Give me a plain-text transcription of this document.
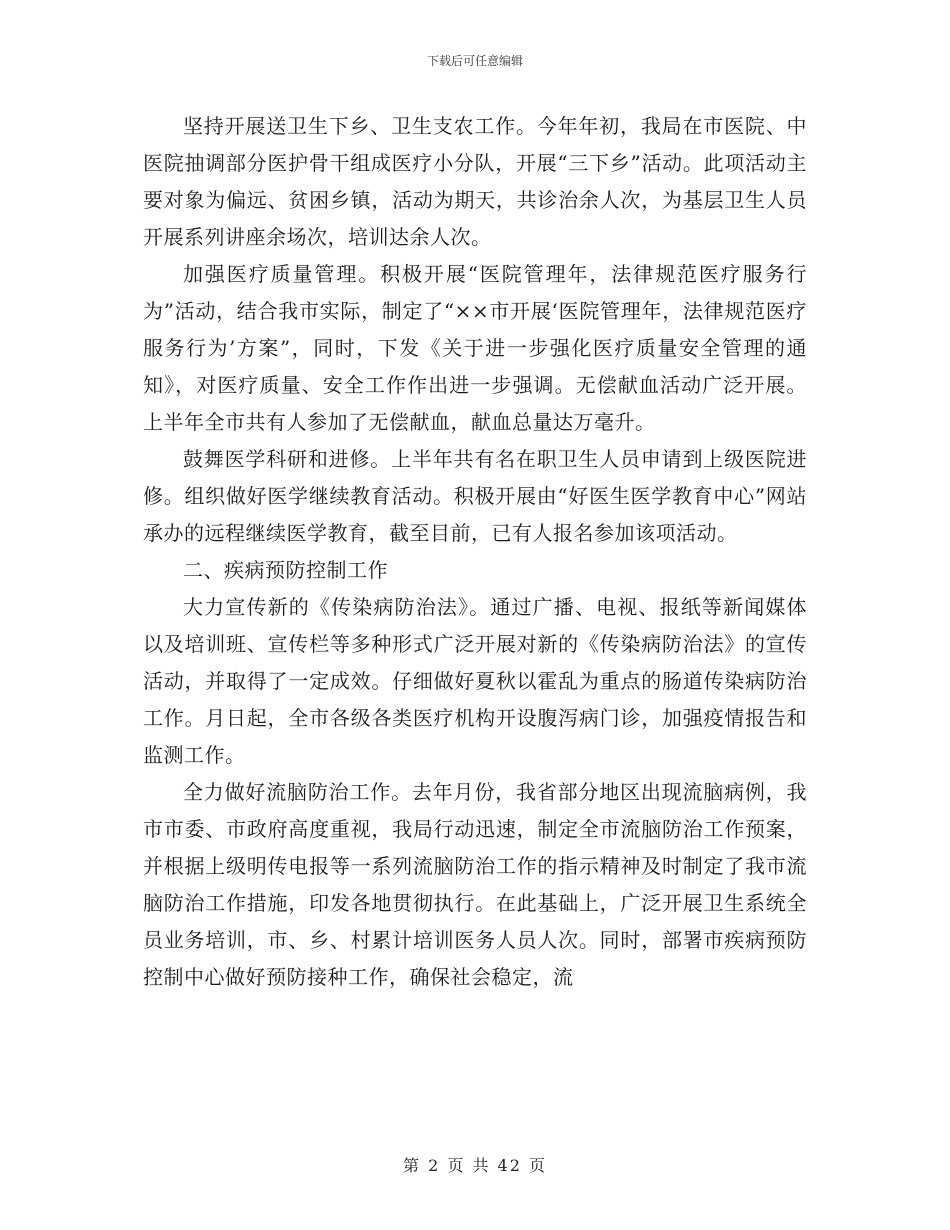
下载后可任意编辑

坚持开展送卫生下乡、卫生支农工作。今年年初，我局在市医院、中医院抽调部分医护骨干组成医疗小分队，开展“三下乡”活动。此项活动主要对象为偏远、贫困乡镇，活动为期天，共诊治余人次，为基层卫生人员开展系列讲座余场次，培训达余人次。

加强医疗质量管理。积极开展“医院管理年，法律规范医疗服务行为”活动，结合我市实际，制定了“××市开展‘医院管理年，法律规范医疗服务行为’方案”，同时，下发《关于进一步强化医疗质量安全管理的通知》，对医疗质量、安全工作作出进一步强调。无偿献血活动广泛开展。上半年全市共有人参加了无偿献血，献血总量达万毫升。

鼓舞医学科研和进修。上半年共有名在职卫生人员申请到上级医院进修。组织做好医学继续教育活动。积极开展由“好医生医学教育中心”网站承办的远程继续医学教育，截至目前，已有人报名参加该项活动。

二、疾病预防控制工作

大力宣传新的《传染病防治法》。通过广播、电视、报纸等新闻媒体以及培训班、宣传栏等多种形式广泛开展对新的《传染病防治法》的宣传活动，并取得了一定成效。仔细做好夏秋以霍乱为重点的肠道传染病防治工作。月日起，全市各级各类医疗机构开设腹泻病门诊，加强疫情报告和监测工作。

全力做好流脑防治工作。去年月份，我省部分地区出现流脑病例，我市市委、市政府高度重视，我局行动迅速，制定全市流脑防治工作预案，并根据上级明传电报等一系列流脑防治工作的指示精神及时制定了我市流脑防治工作措施，印发各地贯彻执行。在此基础上，广泛开展卫生系统全员业务培训，市、乡、村累计培训医务人员人次。同时，部署市疾病预防控制中心做好预防接种工作，确保社会稳定，流

第 2 页 共 42 页
